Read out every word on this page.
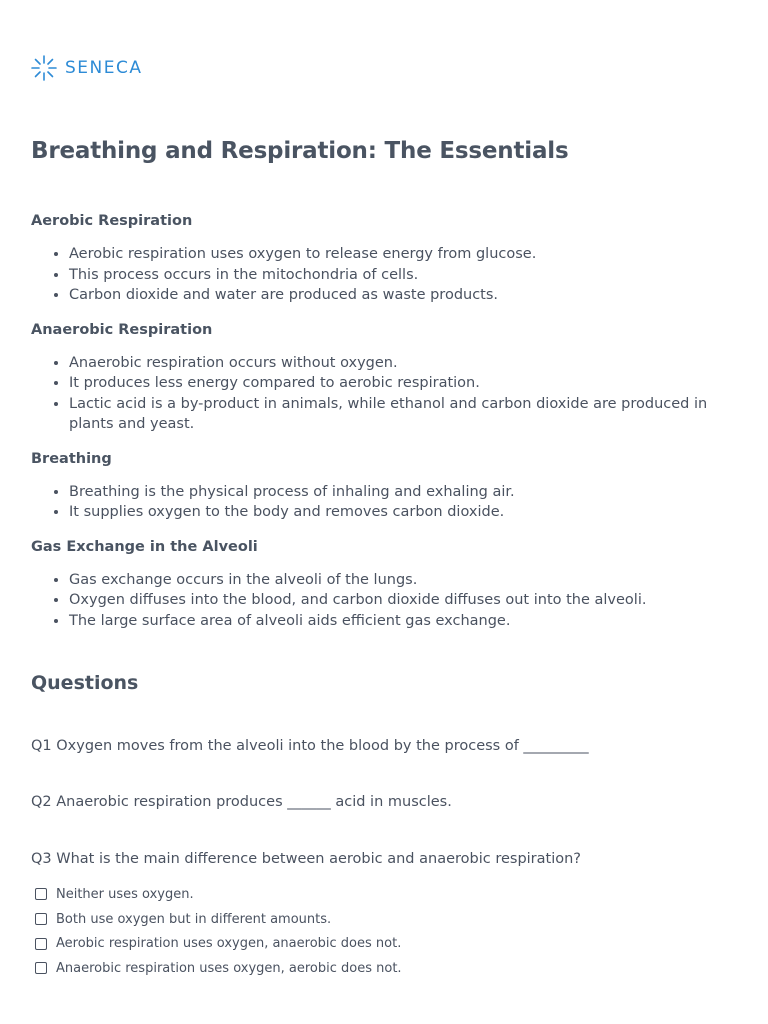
SENECA
Breathing and Respiration: The Essentials
Aerobic Respiration
• Aerobic respiration uses oxygen to release energy from glucose.
• This process occurs in the mitochondria of cells.
• Carbon dioxide and water are produced as waste products.
Anaerobic Respiration
• Anaerobic respiration occurs without oxygen.
• It produces less energy compared to aerobic respiration.
• Lactic acid is a by-product in animals, while ethanol and carbon dioxide are produced in plants and yeast.
Breathing
• Breathing is the physical process of inhaling and exhaling air.
• It supplies oxygen to the body and removes carbon dioxide.
Gas Exchange in the Alveoli
• Gas exchange occurs in the alveoli of the lungs.
• Oxygen diffuses into the blood, and carbon dioxide diffuses out into the alveoli.
• The large surface area of alveoli aids efficient gas exchange.
Questions
Q1 Oxygen moves from the alveoli into the blood by the process of _________
Q2 Anaerobic respiration produces ______ acid in muscles.
Q3 What is the main difference between aerobic and anaerobic respiration?
Neither uses oxygen.
Both use oxygen but in different amounts.
Aerobic respiration uses oxygen, anaerobic does not.
Anaerobic respiration uses oxygen, aerobic does not.
